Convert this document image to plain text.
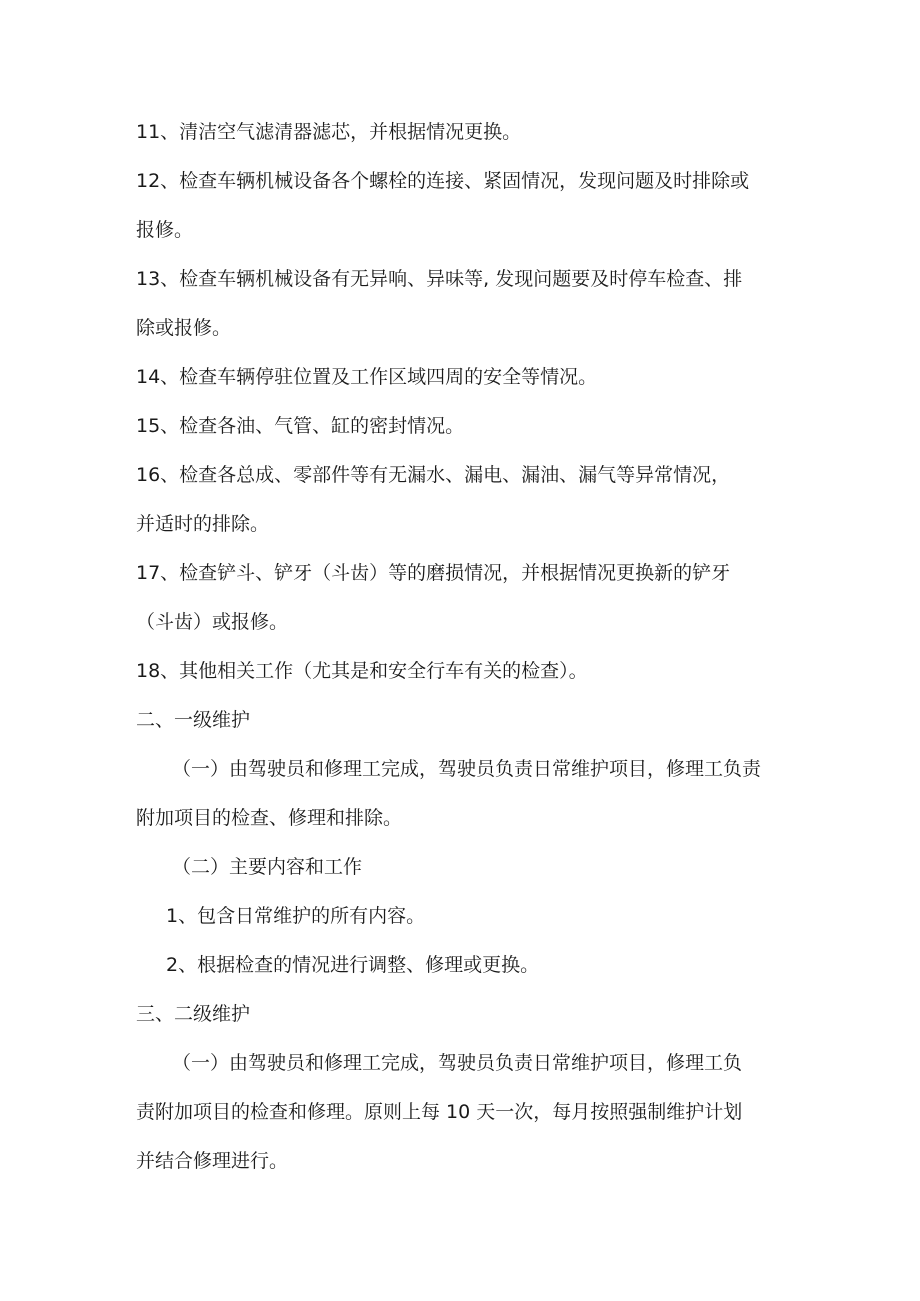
11、清洁空气滤清器滤芯，并根据情况更换。
12、检查车辆机械设备各个螺栓的连接、紧固情况，发现问题及时排除或
报修。
13、检查车辆机械设备有无异响、异味等, 发现问题要及时停车检查、排
除或报修。
14、检查车辆停驻位置及工作区域四周的安全等情况。
15、检查各油、气管、缸的密封情况。
16、检查各总成、零部件等有无漏水、漏电、漏油、漏气等异常情况，
并适时的排除。
17、检查铲斗、铲牙（斗齿）等的磨损情况，并根据情况更换新的铲牙
（斗齿）或报修。
18、其他相关工作（尤其是和安全行车有关的检查）。
二、一级维护
（一）由驾驶员和修理工完成，驾驶员负责日常维护项目，修理工负责
附加项目的检查、修理和排除。
（二）主要内容和工作
1、包含日常维护的所有内容。
2、根据检查的情况进行调整、修理或更换。
三、二级维护
（一）由驾驶员和修理工完成，驾驶员负责日常维护项目，修理工负
责附加项目的检查和修理。原则上每 10 天一次，每月按照强制维护计划
并结合修理进行。
